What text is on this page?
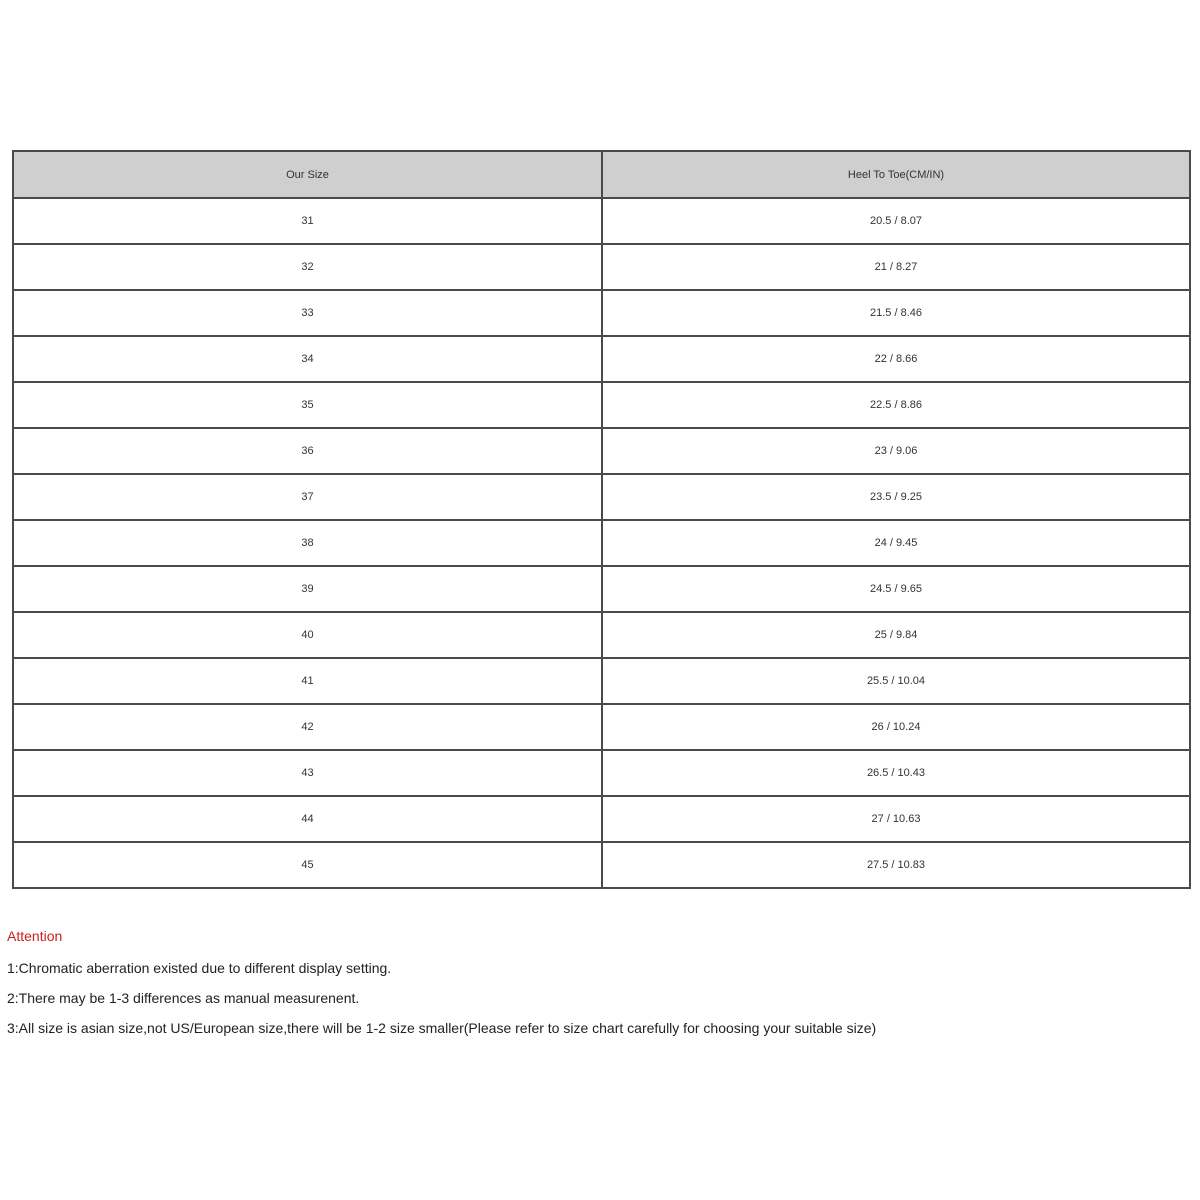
Our Size	Heel To Toe(CM/IN)
31	20.5 / 8.07
32	21 / 8.27
33	21.5 / 8.46
34	22 / 8.66
35	22.5 / 8.86
36	23 / 9.06
37	23.5 / 9.25
38	24 / 9.45
39	24.5 / 9.65
40	25 / 9.84
41	25.5 / 10.04
42	26 / 10.24
43	26.5 / 10.43
44	27 / 10.63
45	27.5 / 10.83
Attention
1:Chromatic aberration existed due to different display setting.
2:There may be 1-3 differences as manual measurenent.
3:All size is asian size,not US/European size,there will be 1-2 size smaller(Please refer to size chart carefully for choosing your suitable size)
